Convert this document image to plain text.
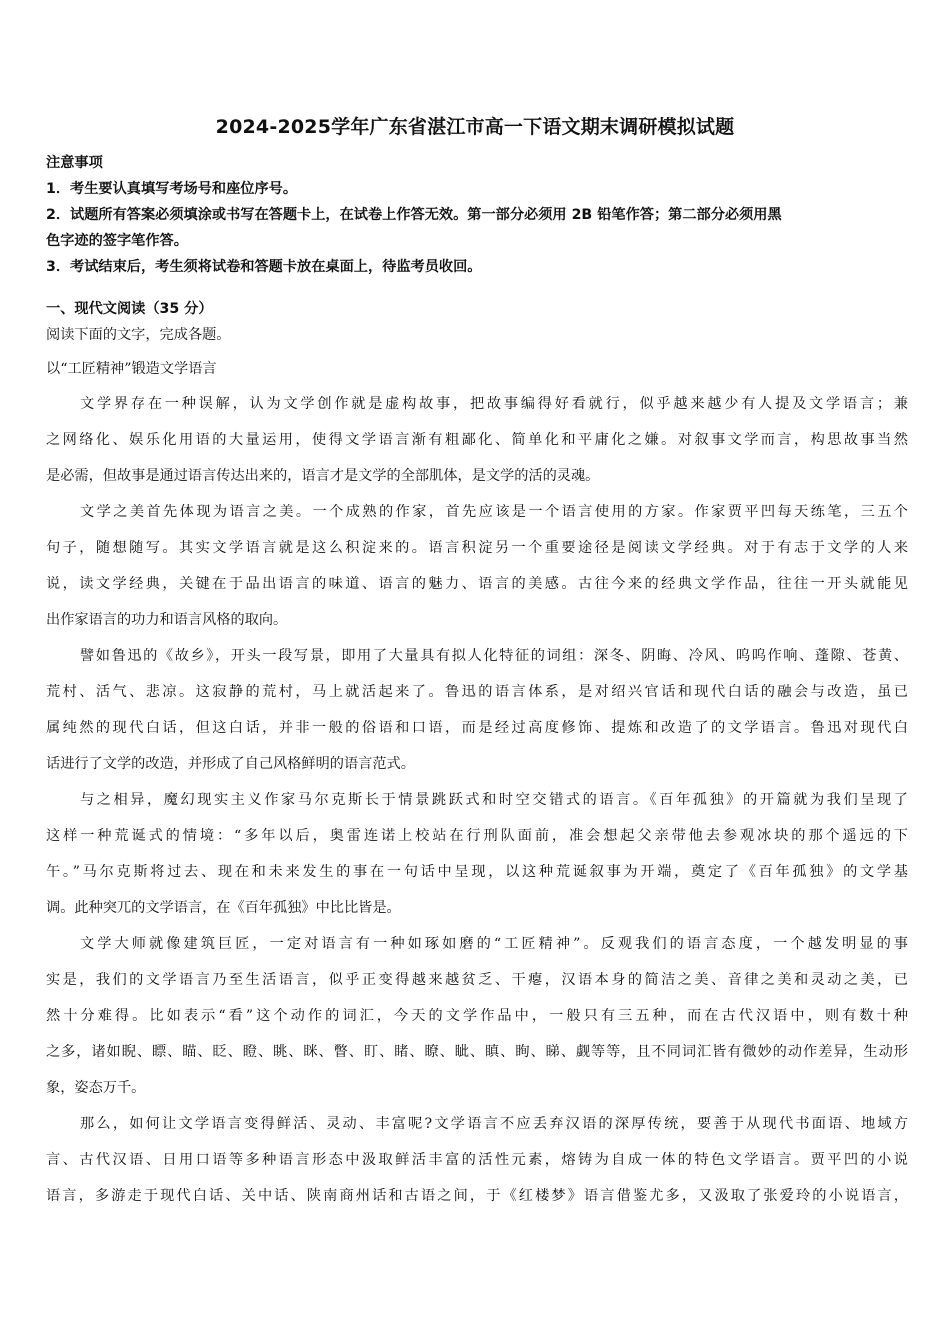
2024-2025学年广东省湛江市高一下语文期末调研模拟试题
注意事项
1．考生要认真填写考场号和座位序号。
2．试题所有答案必须填涂或书写在答题卡上，在试卷上作答无效。第一部分必须用 2B 铅笔作答；第二部分必须用黑
色字迹的签字笔作答。
3．考试结束后，考生须将试卷和答题卡放在桌面上，待监考员收回。
一、现代文阅读（35 分）
阅读下面的文字，完成各题。
以“工匠精神”锻造文学语言
文学界存在一种误解，认为文学创作就是虚构故事，把故事编得好看就行，似乎越来越少有人提及文学语言；兼
之网络化、娱乐化用语的大量运用，使得文学语言渐有粗鄙化、简单化和平庸化之嫌。对叙事文学而言，构思故事当然
是必需，但故事是通过语言传达出来的，语言才是文学的全部肌体，是文学的活的灵魂。
文学之美首先体现为语言之美。一个成熟的作家，首先应该是一个语言使用的方家。作家贾平凹每天练笔，三五个
句子，随想随写。其实文学语言就是这么积淀来的。语言积淀另一个重要途径是阅读文学经典。对于有志于文学的人来
说，读文学经典，关键在于品出语言的味道、语言的魅力、语言的美感。古往今来的经典文学作品，往往一开头就能见
出作家语言的功力和语言风格的取向。
譬如鲁迅的《故乡》，开头一段写景，即用了大量具有拟人化特征的词组：深冬、阴晦、冷风、呜呜作响、蓬隙、苍黄、
荒村、活气、悲凉。这寂静的荒村，马上就活起来了。鲁迅的语言体系，是对绍兴官话和现代白话的融会与改造，虽已
属纯然的现代白话，但这白话，并非一般的俗语和口语，而是经过高度修饰、提炼和改造了的文学语言。鲁迅对现代白
话进行了文学的改造，并形成了自己风格鲜明的语言范式。
与之相异，魔幻现实主义作家马尔克斯长于情景跳跃式和时空交错式的语言。《百年孤独》的开篇就为我们呈现了
这样一种荒诞式的情境：“多年以后，奥雷连诺上校站在行刑队面前，准会想起父亲带他去参观冰块的那个遥远的下
午。”马尔克斯将过去、现在和未来发生的事在一句话中呈现，以这种荒诞叙事为开端，奠定了《百年孤独》的文学基
调。此种突兀的文学语言，在《百年孤独》中比比皆是。
文学大师就像建筑巨匠，一定对语言有一种如琢如磨的“工匠精神”。反观我们的语言态度，一个越发明显的事
实是，我们的文学语言乃至生活语言，似乎正变得越来越贫乏、干瘪，汉语本身的简洁之美、音律之美和灵动之美，已
然十分难得。比如表示“看”这个动作的词汇，今天的文学作品中，一般只有三五种，而在古代汉语中，则有数十种
之多，诸如睨、瞟、瞄、眨、瞪、眺、眯、瞥、盯、睹、瞭、眦、瞋、眴、睇、觑等等，且不同词汇皆有微妙的动作差异，生动形
象，姿态万千。
那么，如何让文学语言变得鲜活、灵动、丰富呢?文学语言不应丢弃汉语的深厚传统，要善于从现代书面语、地域方
言、古代汉语、日用口语等多种语言形态中汲取鲜活丰富的活性元素，熔铸为自成一体的特色文学语言。贾平凹的小说
语言，多游走于现代白话、关中话、陕南商州话和古语之间，于《红楼梦》语言借鉴尤多，又汲取了张爱玲的小说语言，
